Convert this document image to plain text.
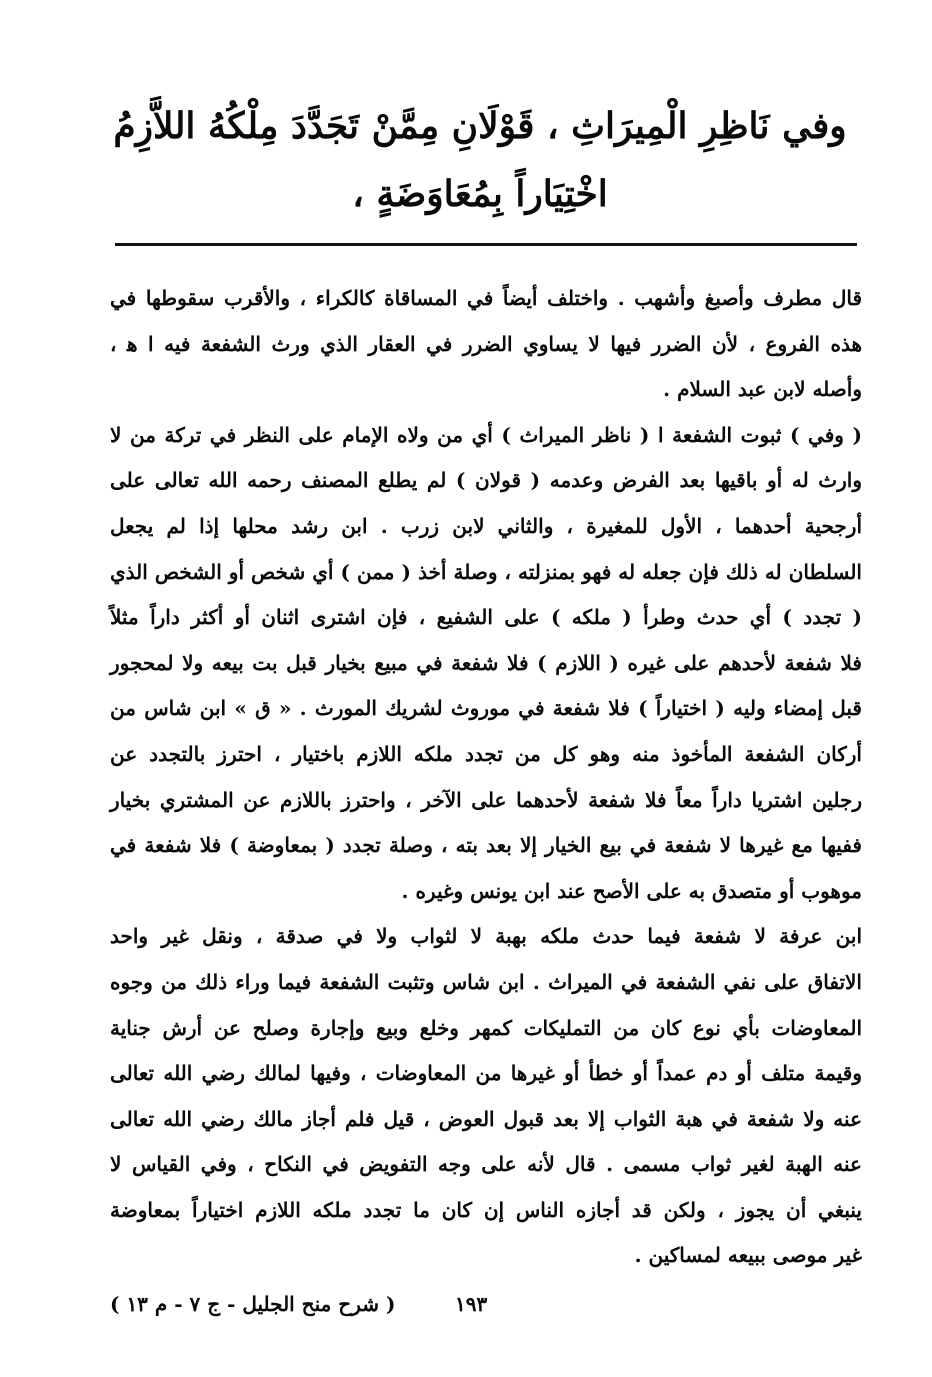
وفي نَاظِرِ الْمِيرَاثِ ، قَوْلَانِ مِمَّنْ تَجَدَّدَ مِلْكُهُ اللاَّزِمُ
اخْتِيَاراً بِمُعَاوَضَةٍ ،
قال مطرف وأصبغ وأشهب . واختلف أيضاً في المساقاة كالكراء ، والأقرب سقوطها في
هذه الفروع ، لأن الضرر فيها لا يساوي الضرر في العقار الذي ورث الشفعة فيه ا ﻫ ،
وأصله لابن عبد السلام .
( وفي ) ثبوت الشفعة ا ( ناظر الميراث ) أي من ولاه الإمام على النظر في تركة من لا
وارث له أو باقيها بعد الفرض وعدمه ( قولان ) لم يطلع المصنف رحمه الله تعالى على
أرجحية أحدهما ، الأول للمغيرة ، والثاني لابن زرب . ابن رشد محلها إذا لم يجعل
السلطان له ذلك فإن جعله له فهو بمنزلته ، وصلة أخذ ( ممن ) أي شخص أو الشخص الذي
( تجدد ) أي حدث وطرأ ( ملكه ) على الشفيع ، فإن اشترى اثنان أو أكثر داراً مثلاً
فلا شفعة لأحدهم على غيره ( اللازم ) فلا شفعة في مبيع بخيار قبل بت بيعه ولا لمحجور
قبل إمضاء وليه ( اختياراً ) فلا شفعة في موروث لشريك المورث . « ق » ابن شاس من
أركان الشفعة المأخوذ منه وهو كل من تجدد ملكه اللازم باختيار ، احترز بالتجدد عن
رجلين اشتريا داراً معاً فلا شفعة لأحدهما على الآخر ، واحترز باللازم عن المشتري بخيار
ففيها مع غيرها لا شفعة في بيع الخيار إلا بعد بته ، وصلة تجدد ( بمعاوضة ) فلا شفعة في
موهوب أو متصدق به على الأصح عند ابن يونس وغيره .
ابن عرفة لا شفعة فيما حدث ملكه بهبة لا لثواب ولا في صدقة ، ونقل غير واحد
الاتفاق على نفي الشفعة في الميراث . ابن شاس وتثبت الشفعة فيما وراء ذلك من وجوه
المعاوضات بأي نوع كان من التمليكات كمهر وخلع وبيع وإجارة وصلح عن أرش جناية
وقيمة متلف أو دم عمداً أو خطأ أو غيرها من المعاوضات ، وفيها لمالك رضي الله تعالى
عنه ولا شفعة في هبة الثواب إلا بعد قبول العوض ، قيل فلم أجاز مالك رضي الله تعالى
عنه الهبة لغير ثواب مسمى . قال لأنه على وجه التفويض في النكاح ، وفي القياس لا
ينبغي أن يجوز ، ولكن قد أجازه الناس إن كان ما تجدد ملكه اللازم اختياراً بمعاوضة
غير موصى ببيعه لمساكين .
١٩٣
( شرح منح الجليل - ج ٧ - م ١٣ )
